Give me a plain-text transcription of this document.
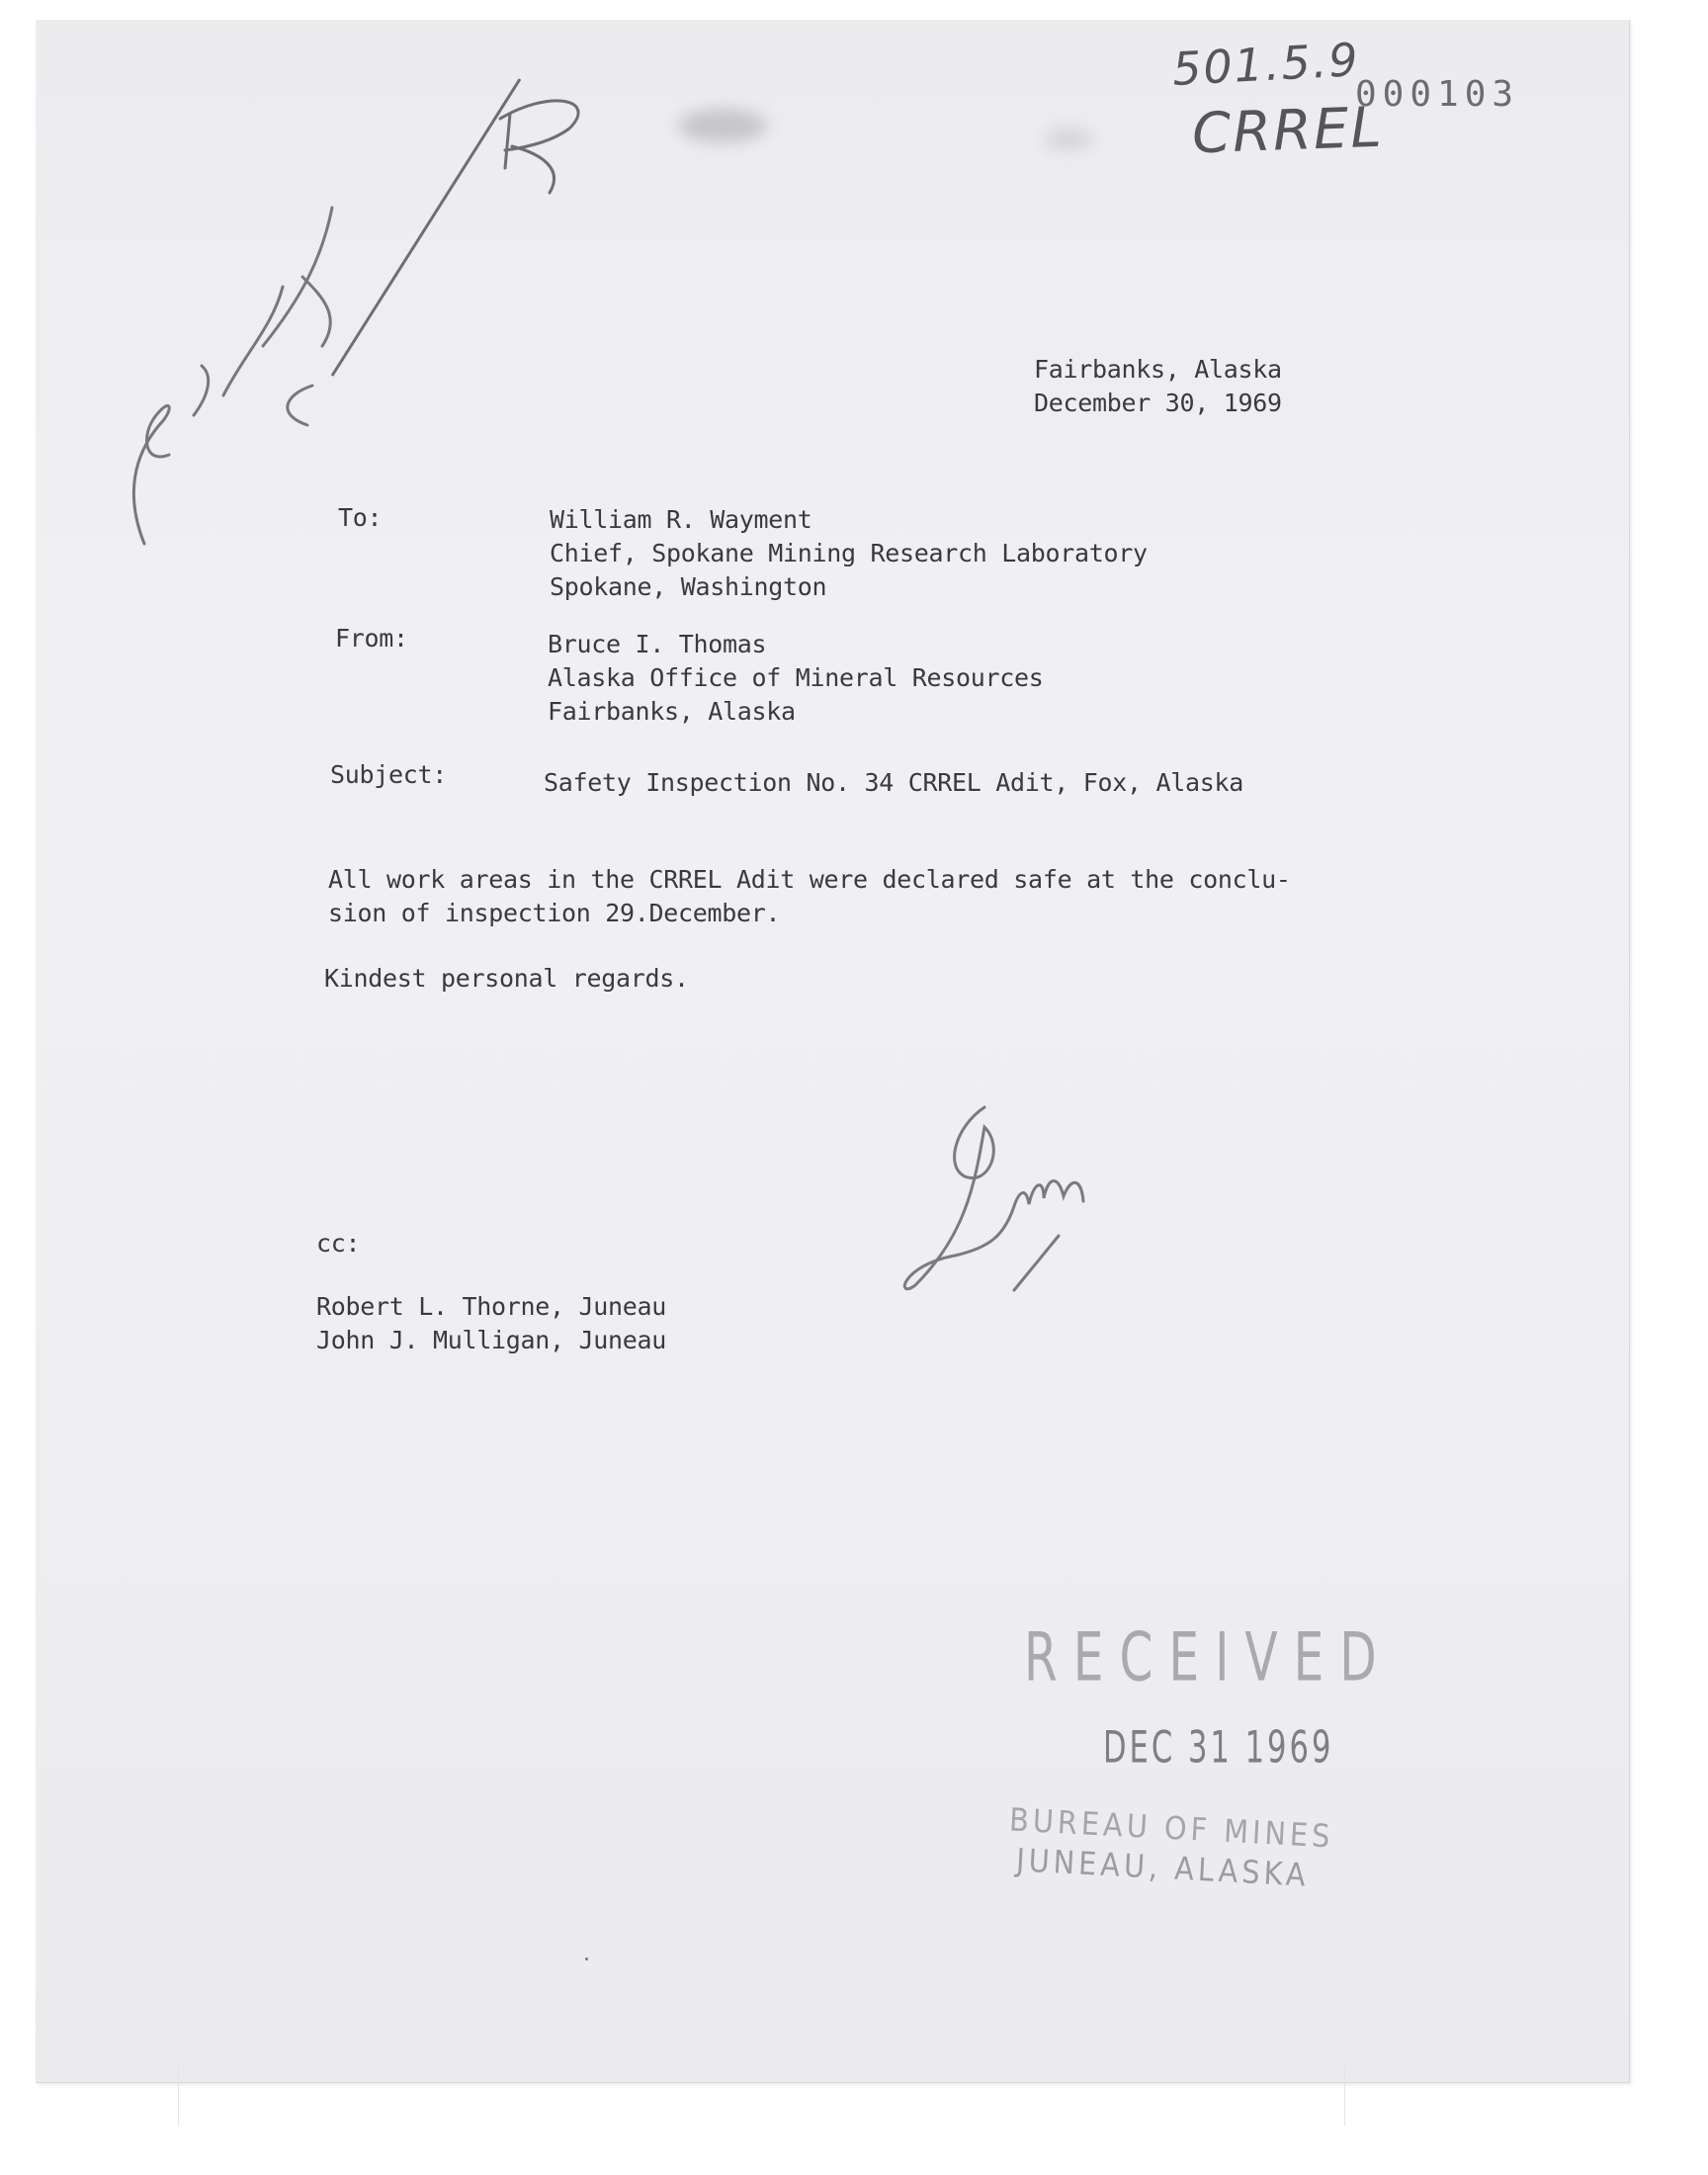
501.5.9
CRREL
000103
Fairbanks, Alaska
December 30, 1969
To:	William R. Wayment
Chief, Spokane Mining Research Laboratory
Spokane, Washington
From:	Bruce I. Thomas
Alaska Office of Mineral Resources
Fairbanks, Alaska
Subject:	Safety Inspection No. 34 CRREL Adit, Fox, Alaska
All work areas in the CRREL Adit were declared safe at the conclu-
sion of inspection 29.December.
Kindest personal regards.
cc:
Robert L. Thorne, Juneau
John J. Mulligan, Juneau
RECEIVED
DEC 31 1969
BUREAU OF MINES
JUNEAU, ALASKA
